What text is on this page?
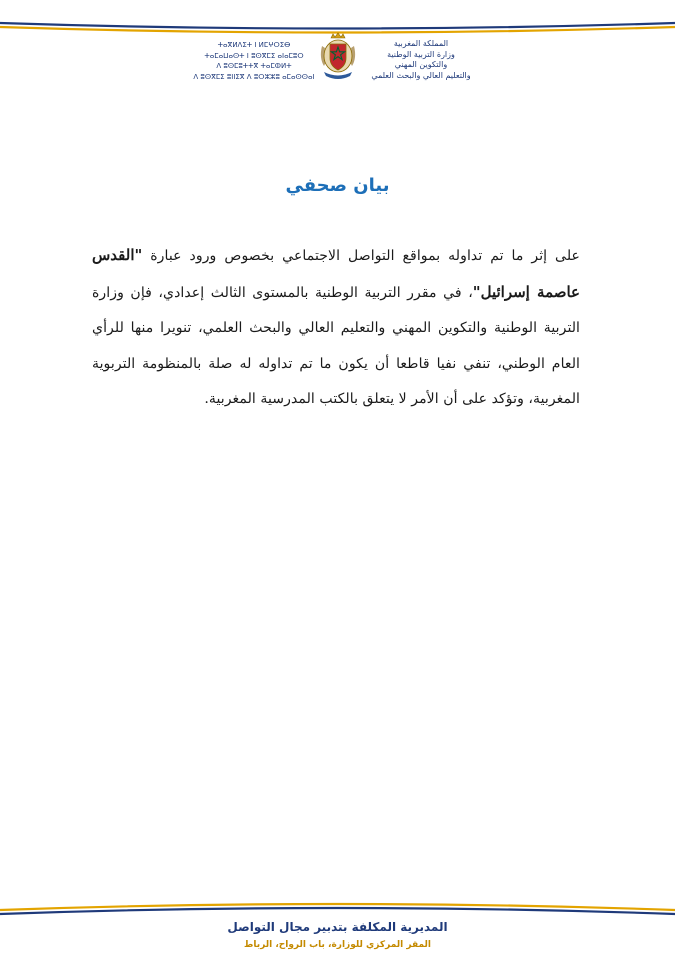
ⵜⴰⴳⵍⴷⵉⵜ ⵏ ⵍⵎⵖⵔⵉⴱ
ⵜⴰⵎⴰⵡⴰⵙⵜ ⵏ ⵓⵙⴳⵎⵉ ⴰⵏⴰⵎⵓⵔ
ⴷ ⵓⵙⵎⵓⵜⵜⴳ ⵜⴰⵎⵀⵍⵜ
ⴷ ⵓⵙⴳⵎⵉ ⵓⵏⵏⵉⴳ ⴷ ⵓⵔⵣⵣⵓ ⴰⵎⴰⵙⵙⴰⵏ
المملكة المغربية
وزارة التربية الوطنية
والتكوين المهني
والتعليم العالي والبحث العلمي
بيان صحفي
على إثر ما تم تداوله بمواقع التواصل الاجتماعي بخصوص ورود عبارة "القدس عاصمة إسرائيل"، في مقرر التربية الوطنية بالمستوى الثالث إعدادي، فإن وزارة التربية الوطنية والتكوين المهني والتعليم العالي والبحث العلمي، تنويرا منها للرأي العام الوطني، تنفي نفيا قاطعا أن يكون ما تم تداوله له صلة بالمنظومة التربوية المغربية، وتؤكد على أن الأمر لا يتعلق بالكتب المدرسية المغربية.
المديرية المكلفة بتدبير مجال التواصل
المقر المركزي للوزارة، باب الرواح، الرباط
